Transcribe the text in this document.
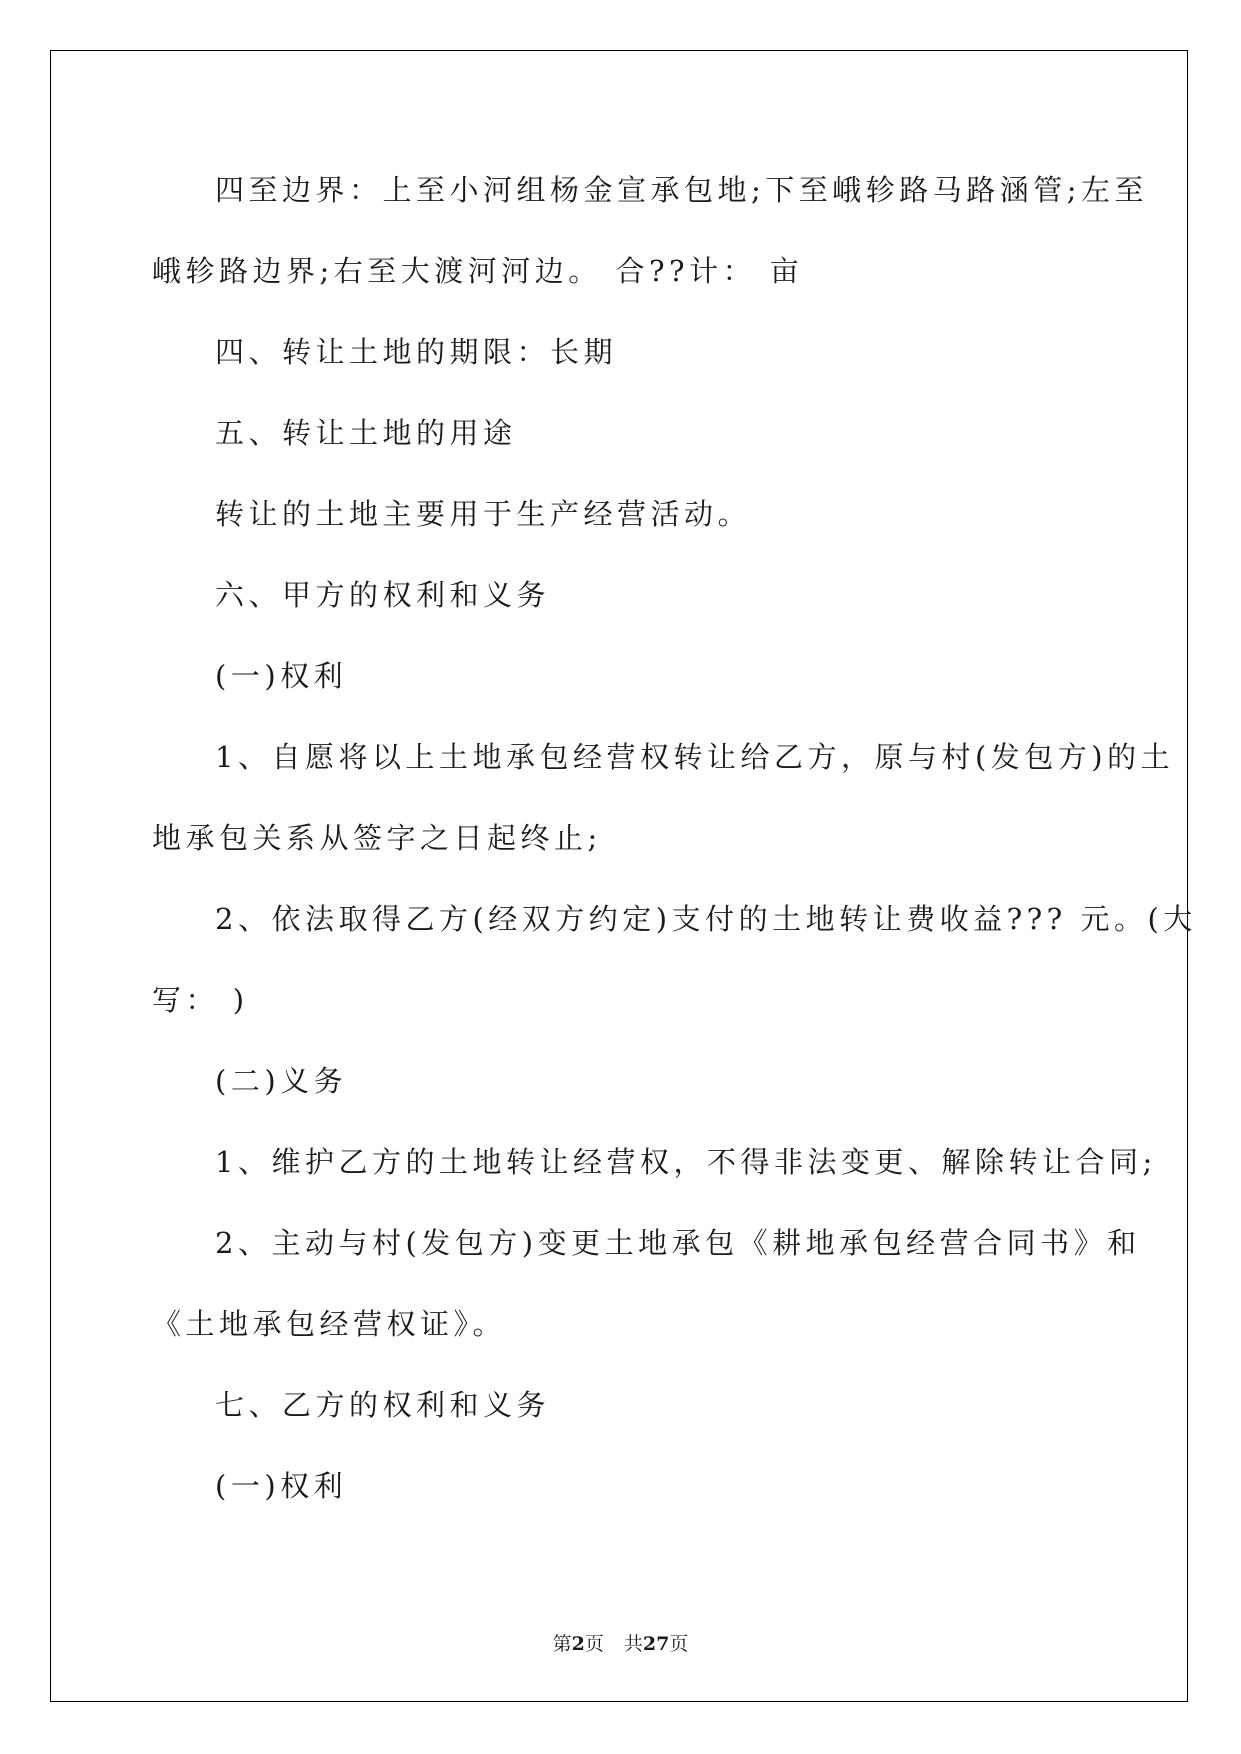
四至边界：上至小河组杨金宣承包地;下至峨轸路马路涵管;左至
峨轸路边界;右至大渡河河边。 合??计： 亩
四、转让土地的期限：长期
五、转让土地的用途
转让的土地主要用于生产经营活动。
六、甲方的权利和义务
(一)权利
1、自愿将以上土地承包经营权转让给乙方，原与村(发包方)的土
地承包关系从签字之日起终止;
2、依法取得乙方(经双方约定)支付的土地转让费收益??? 元。(大
写： )
(二)义务
1、维护乙方的土地转让经营权，不得非法变更、解除转让合同;
2、主动与村(发包方)变更土地承包《耕地承包经营合同书》和
《土地承包经营权证》。
七、乙方的权利和义务
(一)权利
第2页 共27页
